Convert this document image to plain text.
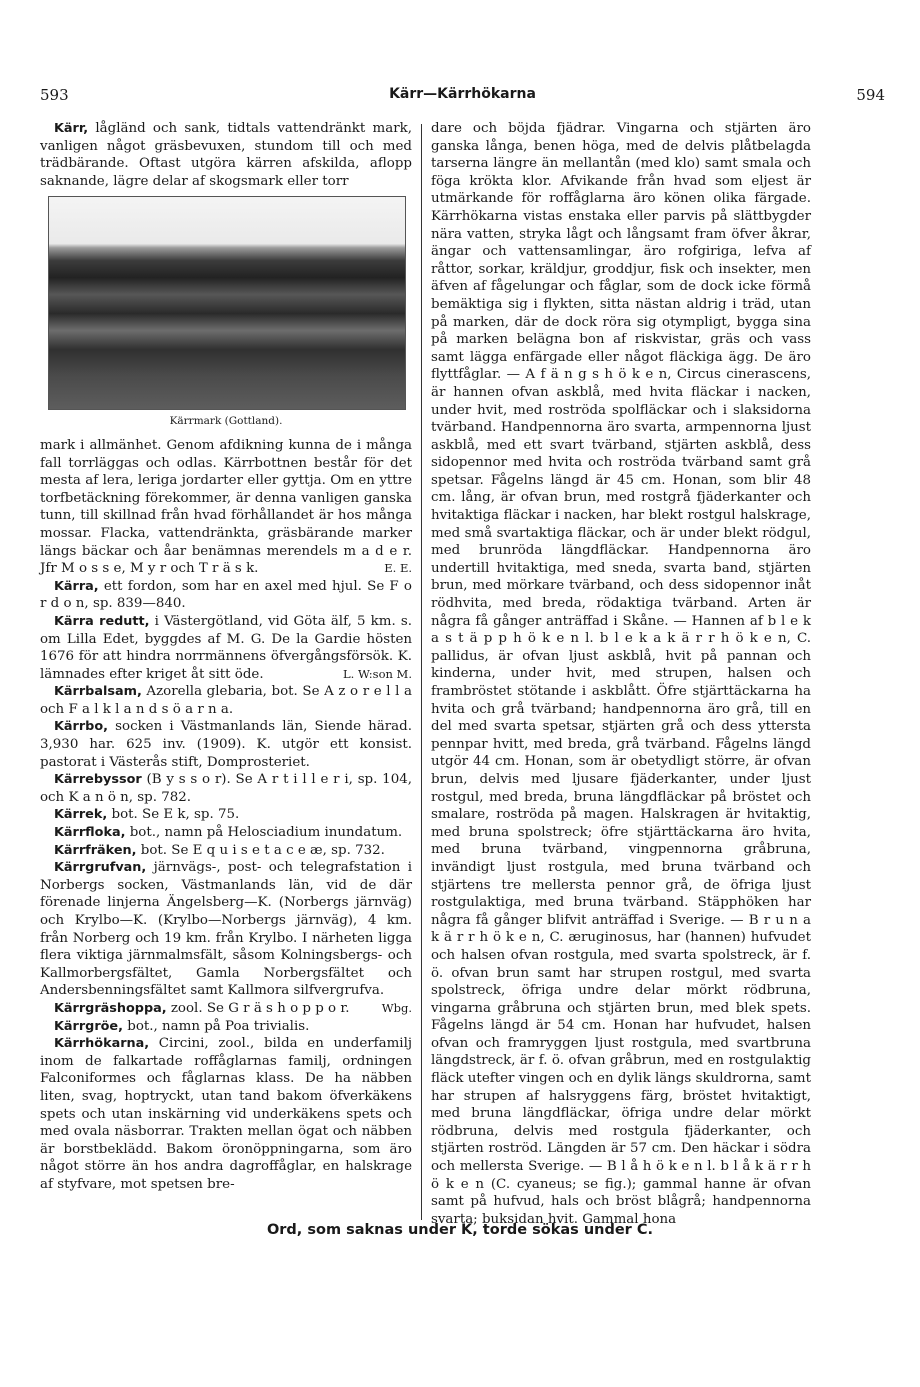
593	Kärr—Kärrhökarna	594

Kärr, lågländ och sank, tidtals vattendränkt mark, vanligen något gräsbevuxen, stundom till och med trädbärande. Oftast utgöra kärren afskilda, aflopp saknande, lägre delar af skogsmark eller torr

Kärrmark (Gottland).

mark i allmänhet. Genom afdikning kunna de i många fall torrläggas och odlas. Kärrbottnen består för det mesta af lera, leriga jordarter eller gyttja. Om en yttre torfbetäckning förekommer, är denna vanligen ganska tunn, till skillnad från hvad förhållandet är hos många mossar. Flacka, vattendränkta, gräsbärande marker längs bäckar och åar benämnas merendels m a d e r. Jfr M o s s e, M y r och T r ä s k.	E. E.

Kärra, ett fordon, som har en axel med hjul. Se F o r d o n, sp. 839—840.

Kärra redutt, i Västergötland, vid Göta älf, 5 km. s. om Lilla Edet, byggdes af M. G. De la Gardie hösten 1676 för att hindra norrmännens öfvergångsförsök. K. lämnades efter kriget åt sitt öde.	L. W:son M.

Kärrbalsam, Azorella glebaria, bot. Se A z o r e l l a och F a l k l a n d s ö a r n a.

Kärrbo, socken i Västmanlands län, Siende härad. 3,930 har. 625 inv. (1909). K. utgör ett konsist. pastorat i Västerås stift, Domprosteriet.

Kärrebyssor (B y s s o r). Se A r t i l l e r i, sp. 104, och K a n ö n, sp. 782.

Kärrek, bot. Se E k, sp. 75.

Kärrfloka, bot., namn på Helosciadium inundatum.

Kärrfräken, bot. Se E q u i s e t a c e æ, sp. 732.

Kärrgrufvan, järnvägs-, post- och telegrafstation i Norbergs socken, Västmanlands län, vid de där förenade linjerna Ängelsberg—K. (Norbergs järnväg) och Krylbo—K. (Krylbo—Norbergs järnväg), 4 km. från Norberg och 19 km. från Krylbo. I närheten ligga flera viktiga järnmalmsfält, såsom Kolningsbergs- och Kallmorbergsfältet, Gamla Norbergsfältet och Andersbenningsfältet samt Kallmora silfvergrufva.
Wbg.

Kärrgräshoppa, zool. Se G r ä s h o p p o r.

Kärrgröe, bot., namn på Poa trivialis.

Kärrhökarna, Circini, zool., bilda en underfamilj inom de falkartade roffåglarnas familj, ordningen Falconiformes och fåglarnas klass. De ha näbben liten, svag, hoptryckt, utan tand bakom öfverkäkens spets och utan inskärning vid underkäkens spets och med ovala näsborrar. Trakten mellan ögat och näbben är borstbeklädd. Bakom öronöppningarna, som äro något större än hos andra dagroffåglar, en halskrage af styfvare, mot spetsen bre-

dare och böjda fjädrar. Vingarna och stjärten äro ganska långa, benen höga, med de delvis plåtbelagda tarserna längre än mellantån (med klo) samt smala och föga krökta klor. Afvikande från hvad som eljest är utmärkande för roffåglarna äro könen olika färgade. Kärrhökarna vistas enstaka eller parvis på slättbygder nära vatten, stryka lågt och långsamt fram öfver åkrar, ängar och vattensamlingar, äro rofgiriga, lefva af råttor, sorkar, kräldjur, groddjur, fisk och insekter, men äfven af fågelungar och fåglar, som de dock icke förmå bemäktiga sig i flykten, sitta nästan aldrig i träd, utan på marken, där de dock röra sig otympligt, bygga sina på marken belägna bon af riskvistar, gräs och vass samt lägga enfärgade eller något fläckiga ägg. De äro flyttfåglar. — A f ä n g s h ö k e n, Circus cinerascens, är hannen ofvan askblå, med hvita fläckar i nacken, under hvit, med roströda spolfläckar och i slaksidorna tvärband. Handpennorna äro svarta, armpennorna ljust askblå, med ett svart tvärband, stjärten askblå, dess sidopennor med hvita och roströda tvärband samt grå spetsar. Fågelns längd är 45 cm. Honan, som blir 48 cm. lång, är ofvan brun, med rostgrå fjäderkanter och hvitaktiga fläckar i nacken, har blekt rostgul halskrage, med små svartaktiga fläckar, och är under blekt rödgul, med brunröda längdfläckar. Handpennorna äro undertill hvitaktiga, med sneda, svarta band, stjärten brun, med mörkare tvärband, och dess sidopennor inåt rödhvita, med breda, rödaktiga tvärband. Arten är några få gånger anträffad i Skåne. — Hannen af b l e k a s t ä p p h ö k e n l. b l e k a k ä r r h ö k e n, C. pallidus, är ofvan ljust askblå, hvit på pannan och kinderna, under hvit, med strupen, halsen och frambröstet stötande i askblått. Öfre stjärttäckarna ha hvita och grå tvärband; handpennorna äro grå, till en del med svarta spetsar, stjärten grå och dess yttersta pennpar hvitt, med breda, grå tvärband. Fågelns längd utgör 44 cm. Honan, som är obetydligt större, är ofvan brun, delvis med ljusare fjäderkanter, under ljust rostgul, med breda, bruna längdfläckar på bröstet och smalare, roströda på magen. Halskragen är hvitaktig, med bruna spolstreck; öfre stjärttäckarna äro hvita, med bruna tvärband, vingpennorna gråbruna, invändigt ljust rostgula, med bruna tvärband och stjärtens tre mellersta pennor grå, de öfriga ljust rostgulaktiga, med bruna tvärband. Stäpphöken har några få gånger blifvit anträffad i Sverige. — B r u n a k ä r r h ö k e n, C. æruginosus, har (hannen) hufvudet och halsen ofvan rostgula, med svarta spolstreck, är f. ö. ofvan brun samt har strupen rostgul, med svarta spolstreck, öfriga undre delar mörkt rödbruna, vingarna gråbruna och stjärten brun, med blek spets. Fågelns längd är 54 cm. Honan har hufvudet, halsen ofvan och framryggen ljust rostgula, med svartbruna längdstreck, är f. ö. ofvan gråbrun, med en rostgulaktig fläck utefter vingen och en dylik längs skuldrorna, samt har strupen af halsryggens färg, bröstet hvitaktigt, med bruna längdfläckar, öfriga undre delar mörkt rödbruna, delvis med rostgula fjäderkanter, och stjärten roströd. Längden är 57 cm. Den häckar i södra och mellersta Sverige. — B l å h ö k e n l. b l å k ä r r h ö k e n (C. cyaneus; se fig.); gammal hanne är ofvan samt på hufvud, hals och bröst blågrå; handpennorna svarta; buksidan hvit. Gammal hona

Ord, som saknas under K, torde sökas under C.
